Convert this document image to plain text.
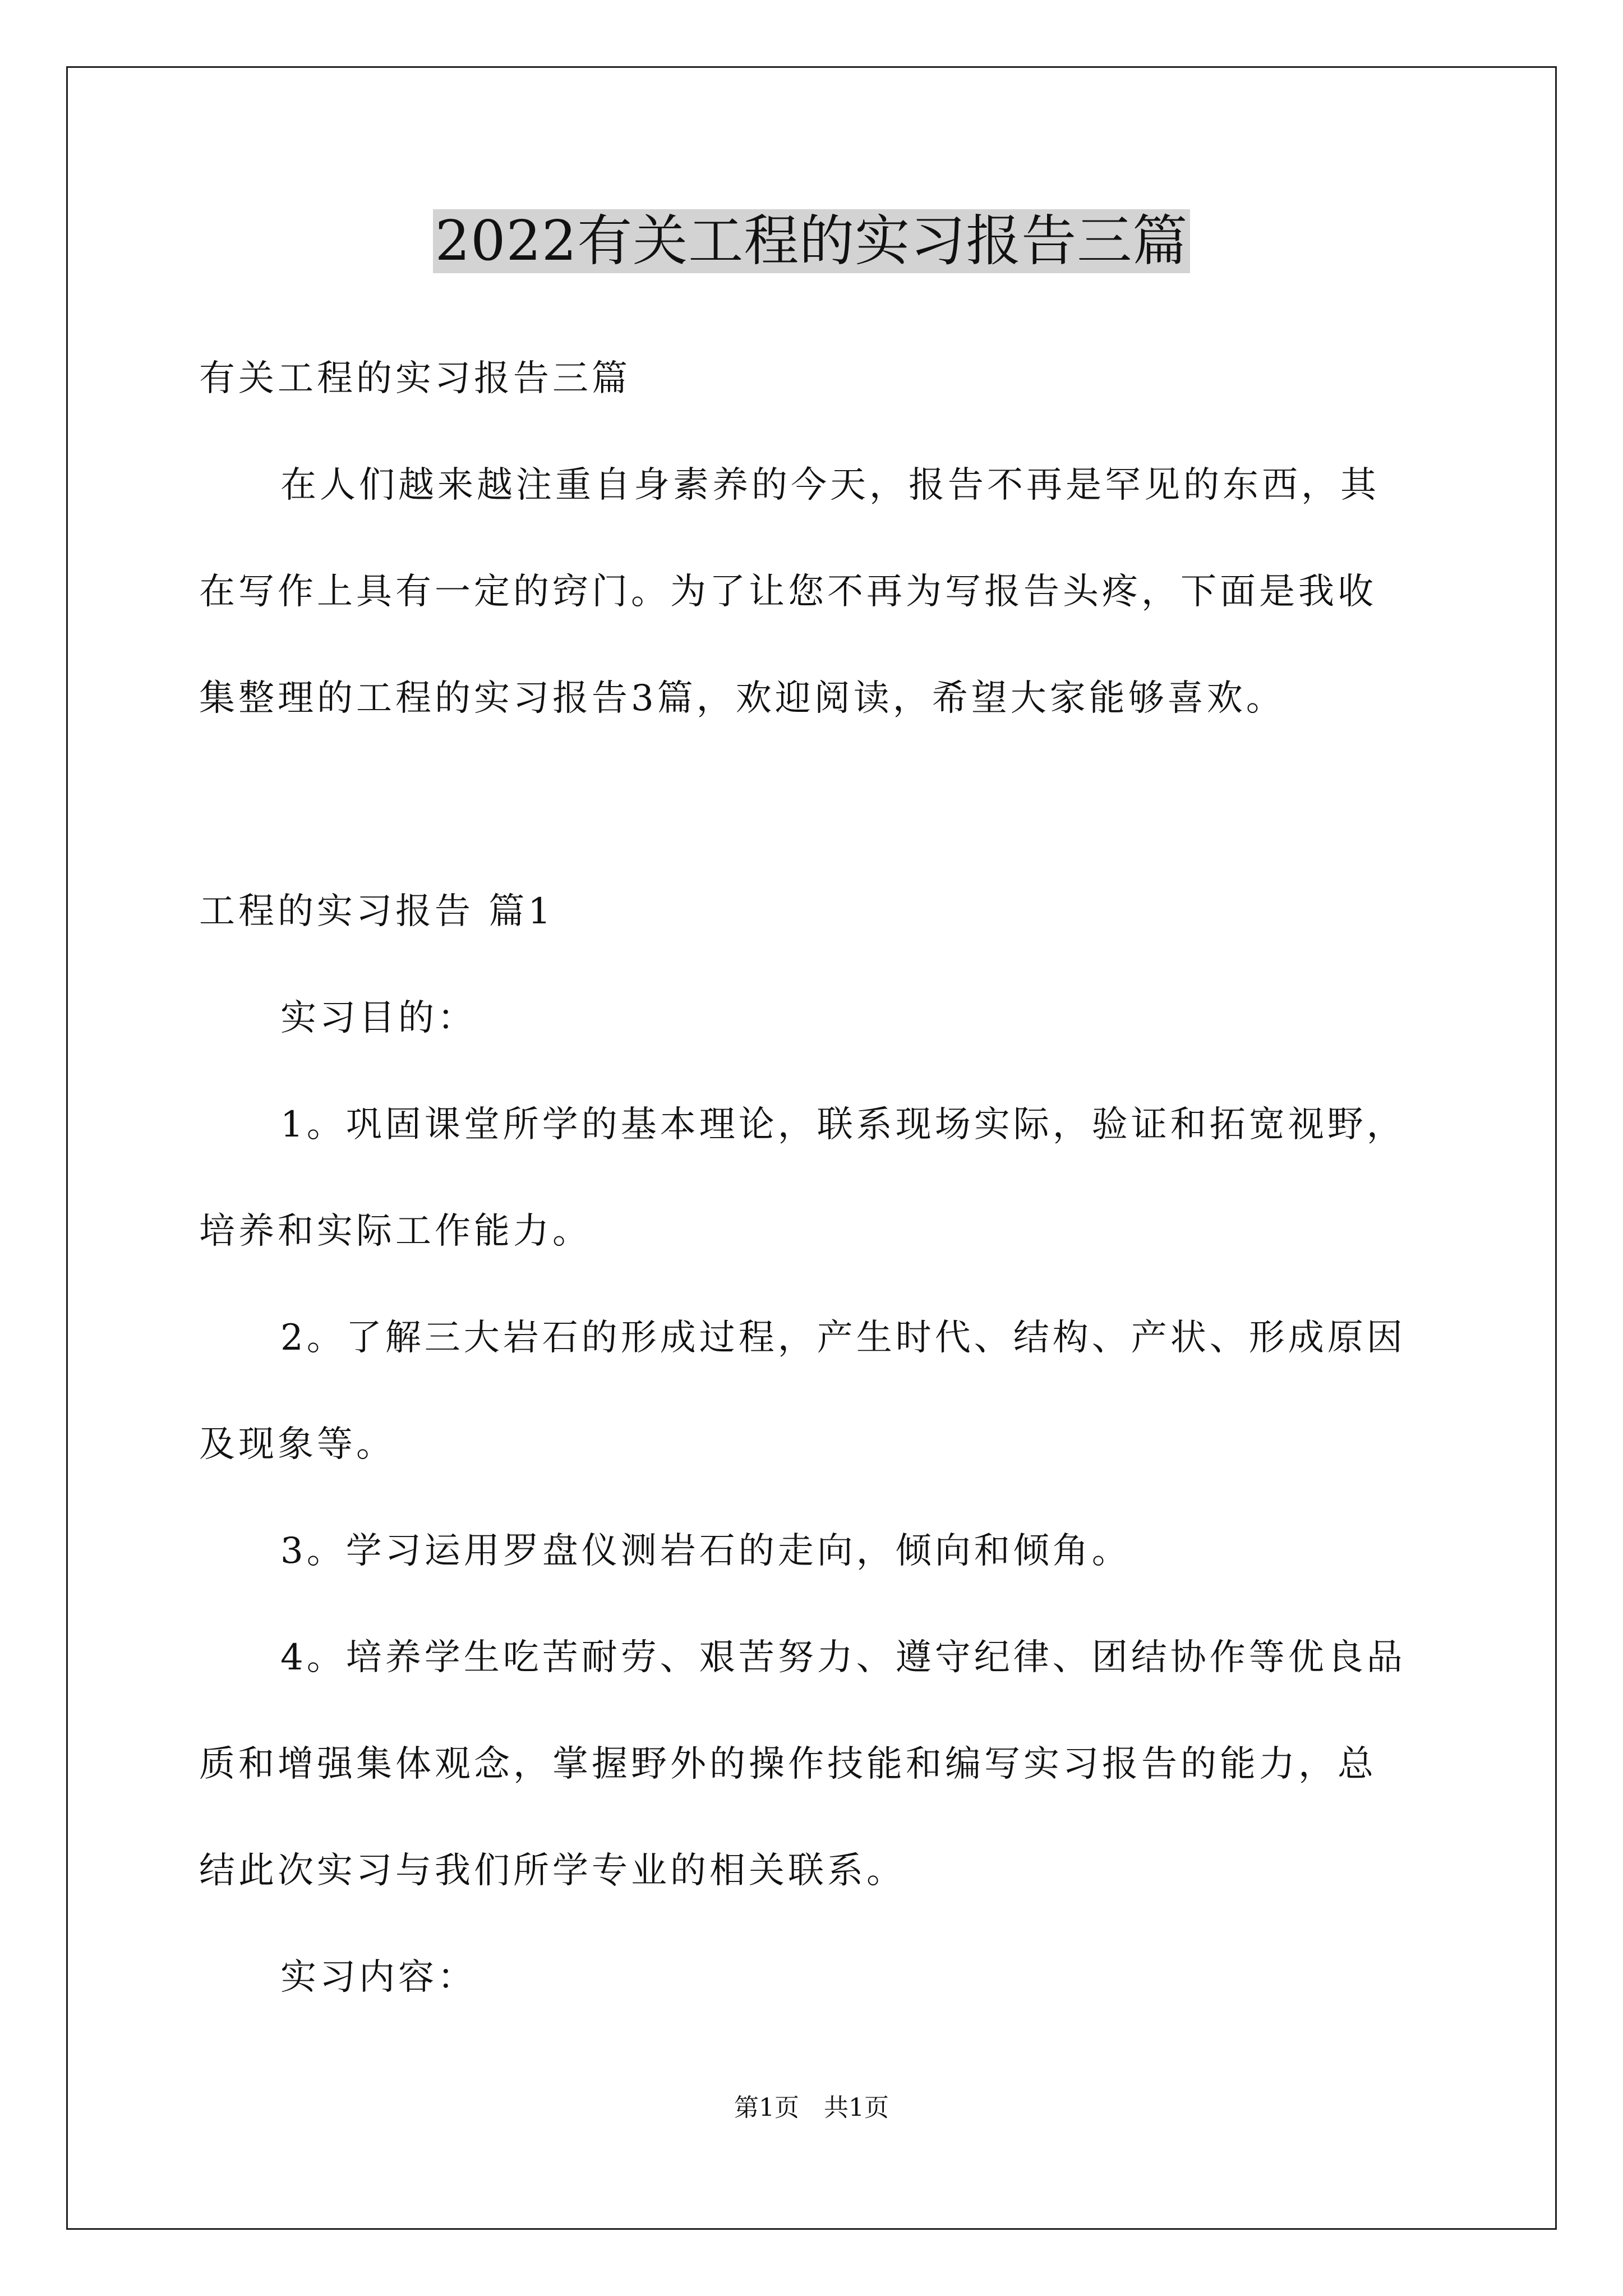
2022有关工程的实习报告三篇
有关工程的实习报告三篇
在人们越来越注重自身素养的今天，报告不再是罕见的东西，其
在写作上具有一定的窍门。为了让您不再为写报告头疼，下面是我收
集整理的工程的实习报告3篇，欢迎阅读，希望大家能够喜欢。
工程的实习报告 篇1
实习目的：
1。巩固课堂所学的基本理论，联系现场实际，验证和拓宽视野，
培养和实际工作能力。
2。了解三大岩石的形成过程，产生时代、结构、产状、形成原因
及现象等。
3。学习运用罗盘仪测岩石的走向，倾向和倾角。
4。培养学生吃苦耐劳、艰苦努力、遵守纪律、团结协作等优良品
质和增强集体观念，掌握野外的操作技能和编写实习报告的能力，总
结此次实习与我们所学专业的相关联系。
实习内容：
第1页　共1页
